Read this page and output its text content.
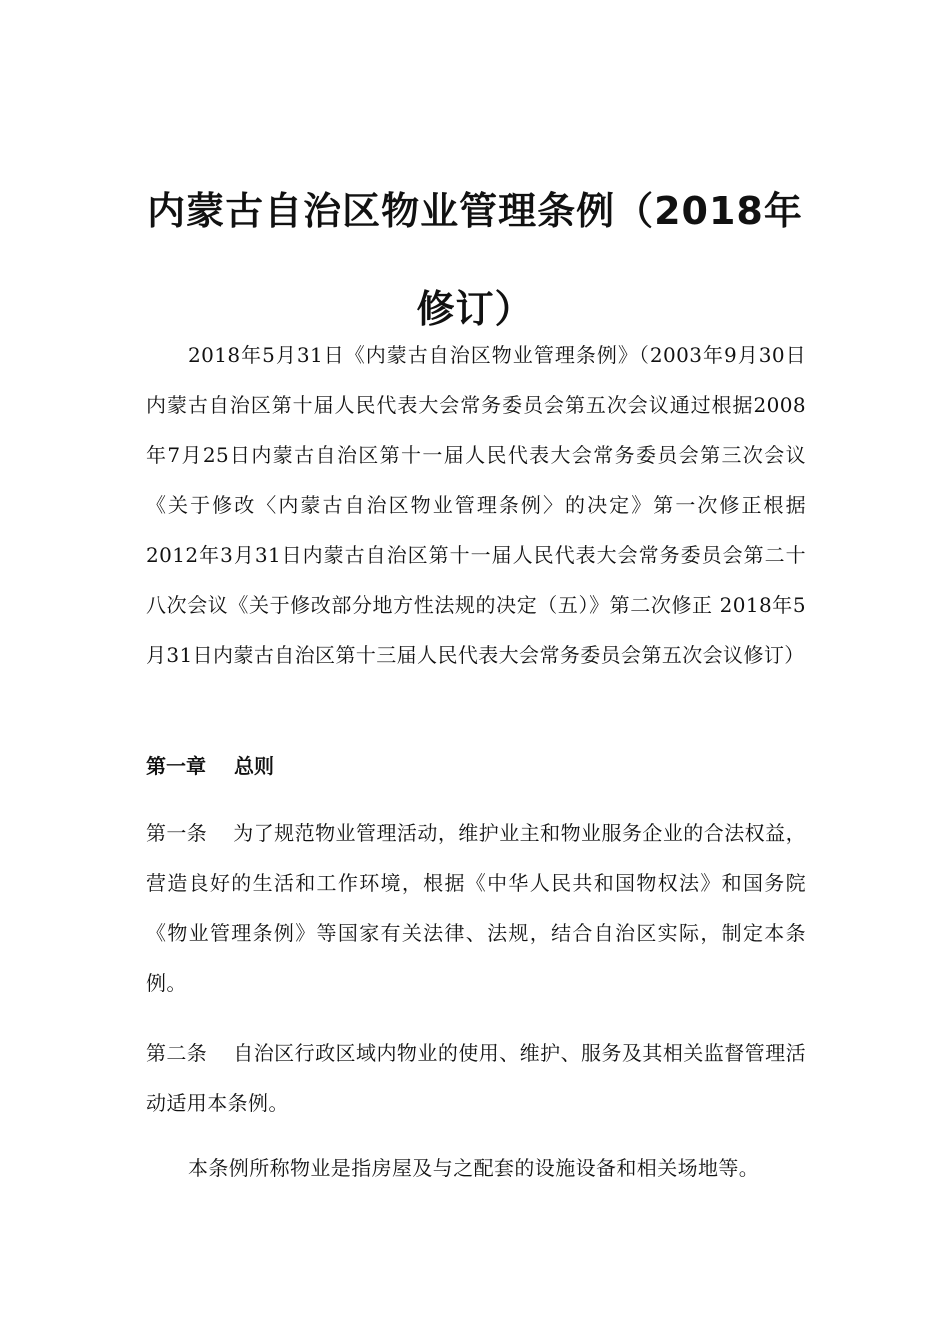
内蒙古自治区物业管理条例（2018年修订）

2018年5月31日《内蒙古自治区物业管理条例》（2003年9月30日内蒙古自治区第十届人民代表大会常务委员会第五次会议通过根据2008年7月25日内蒙古自治区第十一届人民代表大会常务委员会第三次会议《关于修改〈内蒙古自治区物业管理条例〉的决定》第一次修正根据2012年3月31日内蒙古自治区第十一届人民代表大会常务委员会第二十八次会议《关于修改部分地方性法规的决定（五）》第二次修正 2018年5月31日内蒙古自治区第十三届人民代表大会常务委员会第五次会议修订）

第一章 总则

第一条 为了规范物业管理活动，维护业主和物业服务企业的合法权益，营造良好的生活和工作环境，根据《中华人民共和国物权法》和国务院《物业管理条例》等国家有关法律、法规，结合自治区实际，制定本条例。

第二条 自治区行政区域内物业的使用、维护、服务及其相关监督管理活动适用本条例。

本条例所称物业是指房屋及与之配套的设施设备和相关场地等。
